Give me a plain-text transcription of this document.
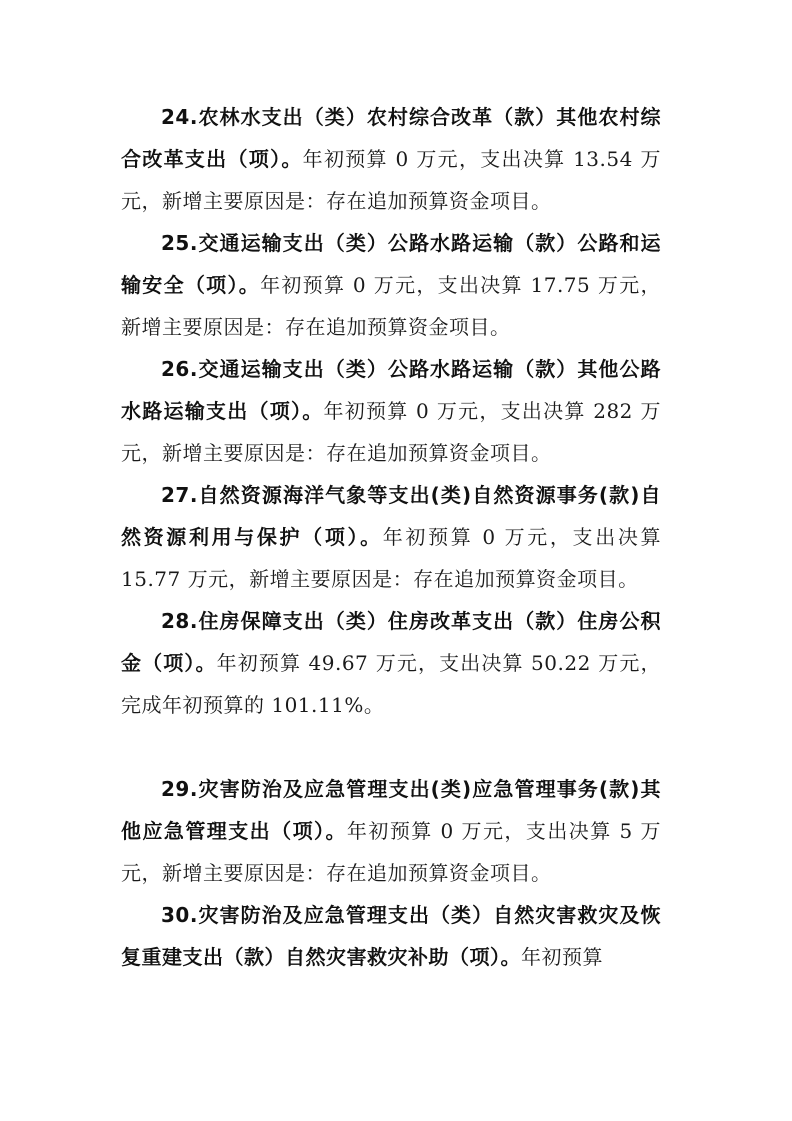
24.农林水支出（类）农村综合改革（款）其他农村综合改革支出（项）。年初预算 0 万元，支出决算 13.54 万元，新增主要原因是：存在追加预算资金项目。

25.交通运输支出（类）公路水路运输（款）公路和运输安全（项）。年初预算 0 万元，支出决算 17.75 万元，新增主要原因是：存在追加预算资金项目。

26.交通运输支出（类）公路水路运输（款）其他公路水路运输支出（项）。年初预算 0 万元，支出决算 282 万元，新增主要原因是：存在追加预算资金项目。

27.自然资源海洋气象等支出(类)自然资源事务(款)自然资源利用与保护（项）。年初预算 0 万元，支出决算 15.77 万元，新增主要原因是：存在追加预算资金项目。

28.住房保障支出（类）住房改革支出（款）住房公积金（项）。年初预算 49.67 万元，支出决算 50.22 万元，完成年初预算的 101.11%。

29.灾害防治及应急管理支出(类)应急管理事务(款)其他应急管理支出（项）。年初预算 0 万元，支出决算 5 万元，新增主要原因是：存在追加预算资金项目。

30.灾害防治及应急管理支出（类）自然灾害救灾及恢复重建支出（款）自然灾害救灾补助（项）。年初预算
